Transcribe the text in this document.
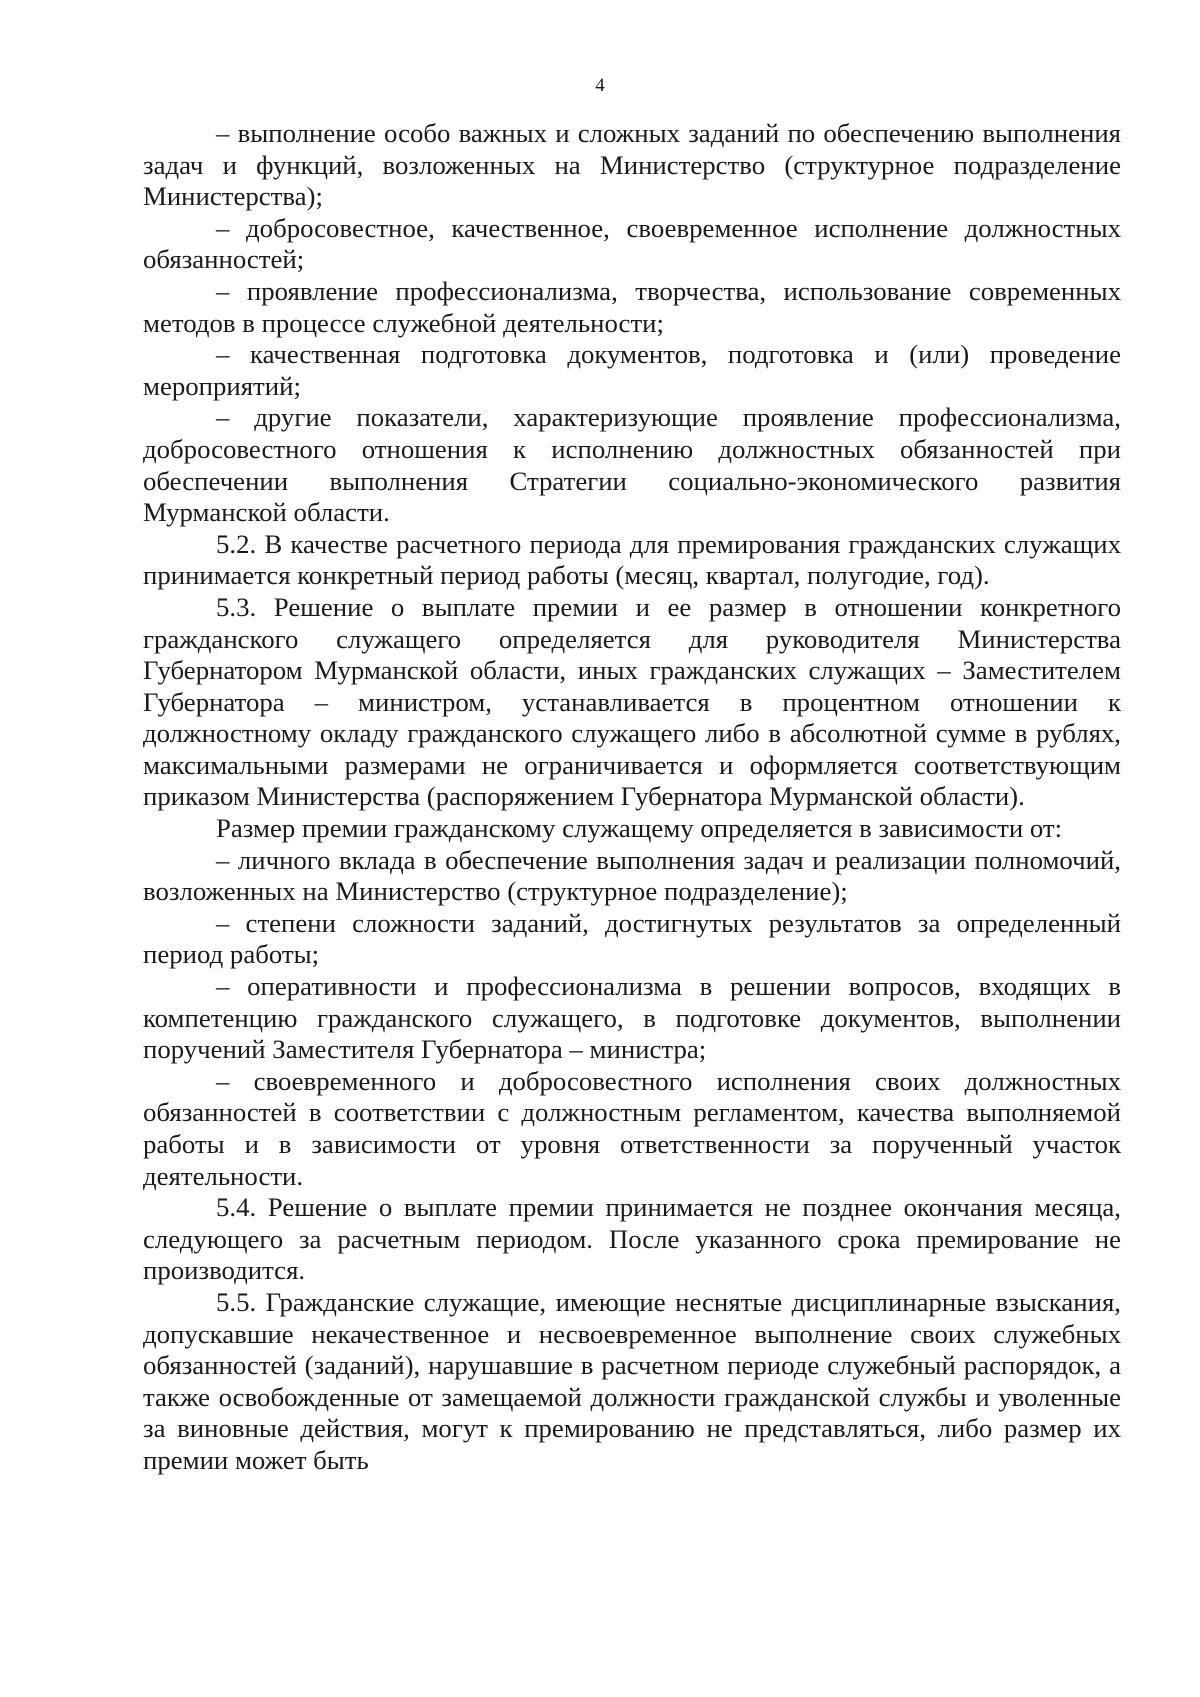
4

– выполнение особо важных и сложных заданий по обеспечению выполнения задач и функций, возложенных на Министерство (структурное подразделение Министерства);

– добросовестное, качественное, своевременное исполнение должностных обязанностей;

– проявление профессионализма, творчества, использование современных методов в процессе служебной деятельности;

– качественная подготовка документов, подготовка и (или) проведение мероприятий;

– другие показатели, характеризующие проявление профессионализма, добросовестного отношения к исполнению должностных обязанностей при обеспечении выполнения Стратегии социально-экономического развития Мурманской области.

5.2. В качестве расчетного периода для премирования гражданских служащих принимается конкретный период работы (месяц, квартал, полугодие, год).

5.3. Решение о выплате премии и ее размер в отношении конкретного гражданского служащего определяется для руководителя Министерства Губернатором Мурманской области, иных гражданских служащих – Заместителем Губернатора – министром, устанавливается в процентном отношении к должностному окладу гражданского служащего либо в абсолютной сумме в рублях, максимальными размерами не ограничивается и оформляется соответствующим приказом Министерства (распоряжением Губернатора Мурманской области).

Размер премии гражданскому служащему определяется в зависимости от:

– личного вклада в обеспечение выполнения задач и реализации полномочий, возложенных на Министерство (структурное подразделение);

– степени сложности заданий, достигнутых результатов за определенный период работы;

– оперативности и профессионализма в решении вопросов, входящих в компетенцию гражданского служащего, в подготовке документов, выполнении поручений Заместителя Губернатора – министра;

– своевременного и добросовестного исполнения своих должностных обязанностей в соответствии с должностным регламентом, качества выполняемой работы и в зависимости от уровня ответственности за порученный участок деятельности.

5.4. Решение о выплате премии принимается не позднее окончания месяца, следующего за расчетным периодом. После указанного срока премирование не производится.

5.5. Гражданские служащие, имеющие неснятые дисциплинарные взыскания, допускавшие некачественное и несвоевременное выполнение своих служебных обязанностей (заданий), нарушавшие в расчетном периоде служебный распорядок, а также освобожденные от замещаемой должности гражданской службы и уволенные за виновные действия, могут к премированию не представляться, либо размер их премии может быть
